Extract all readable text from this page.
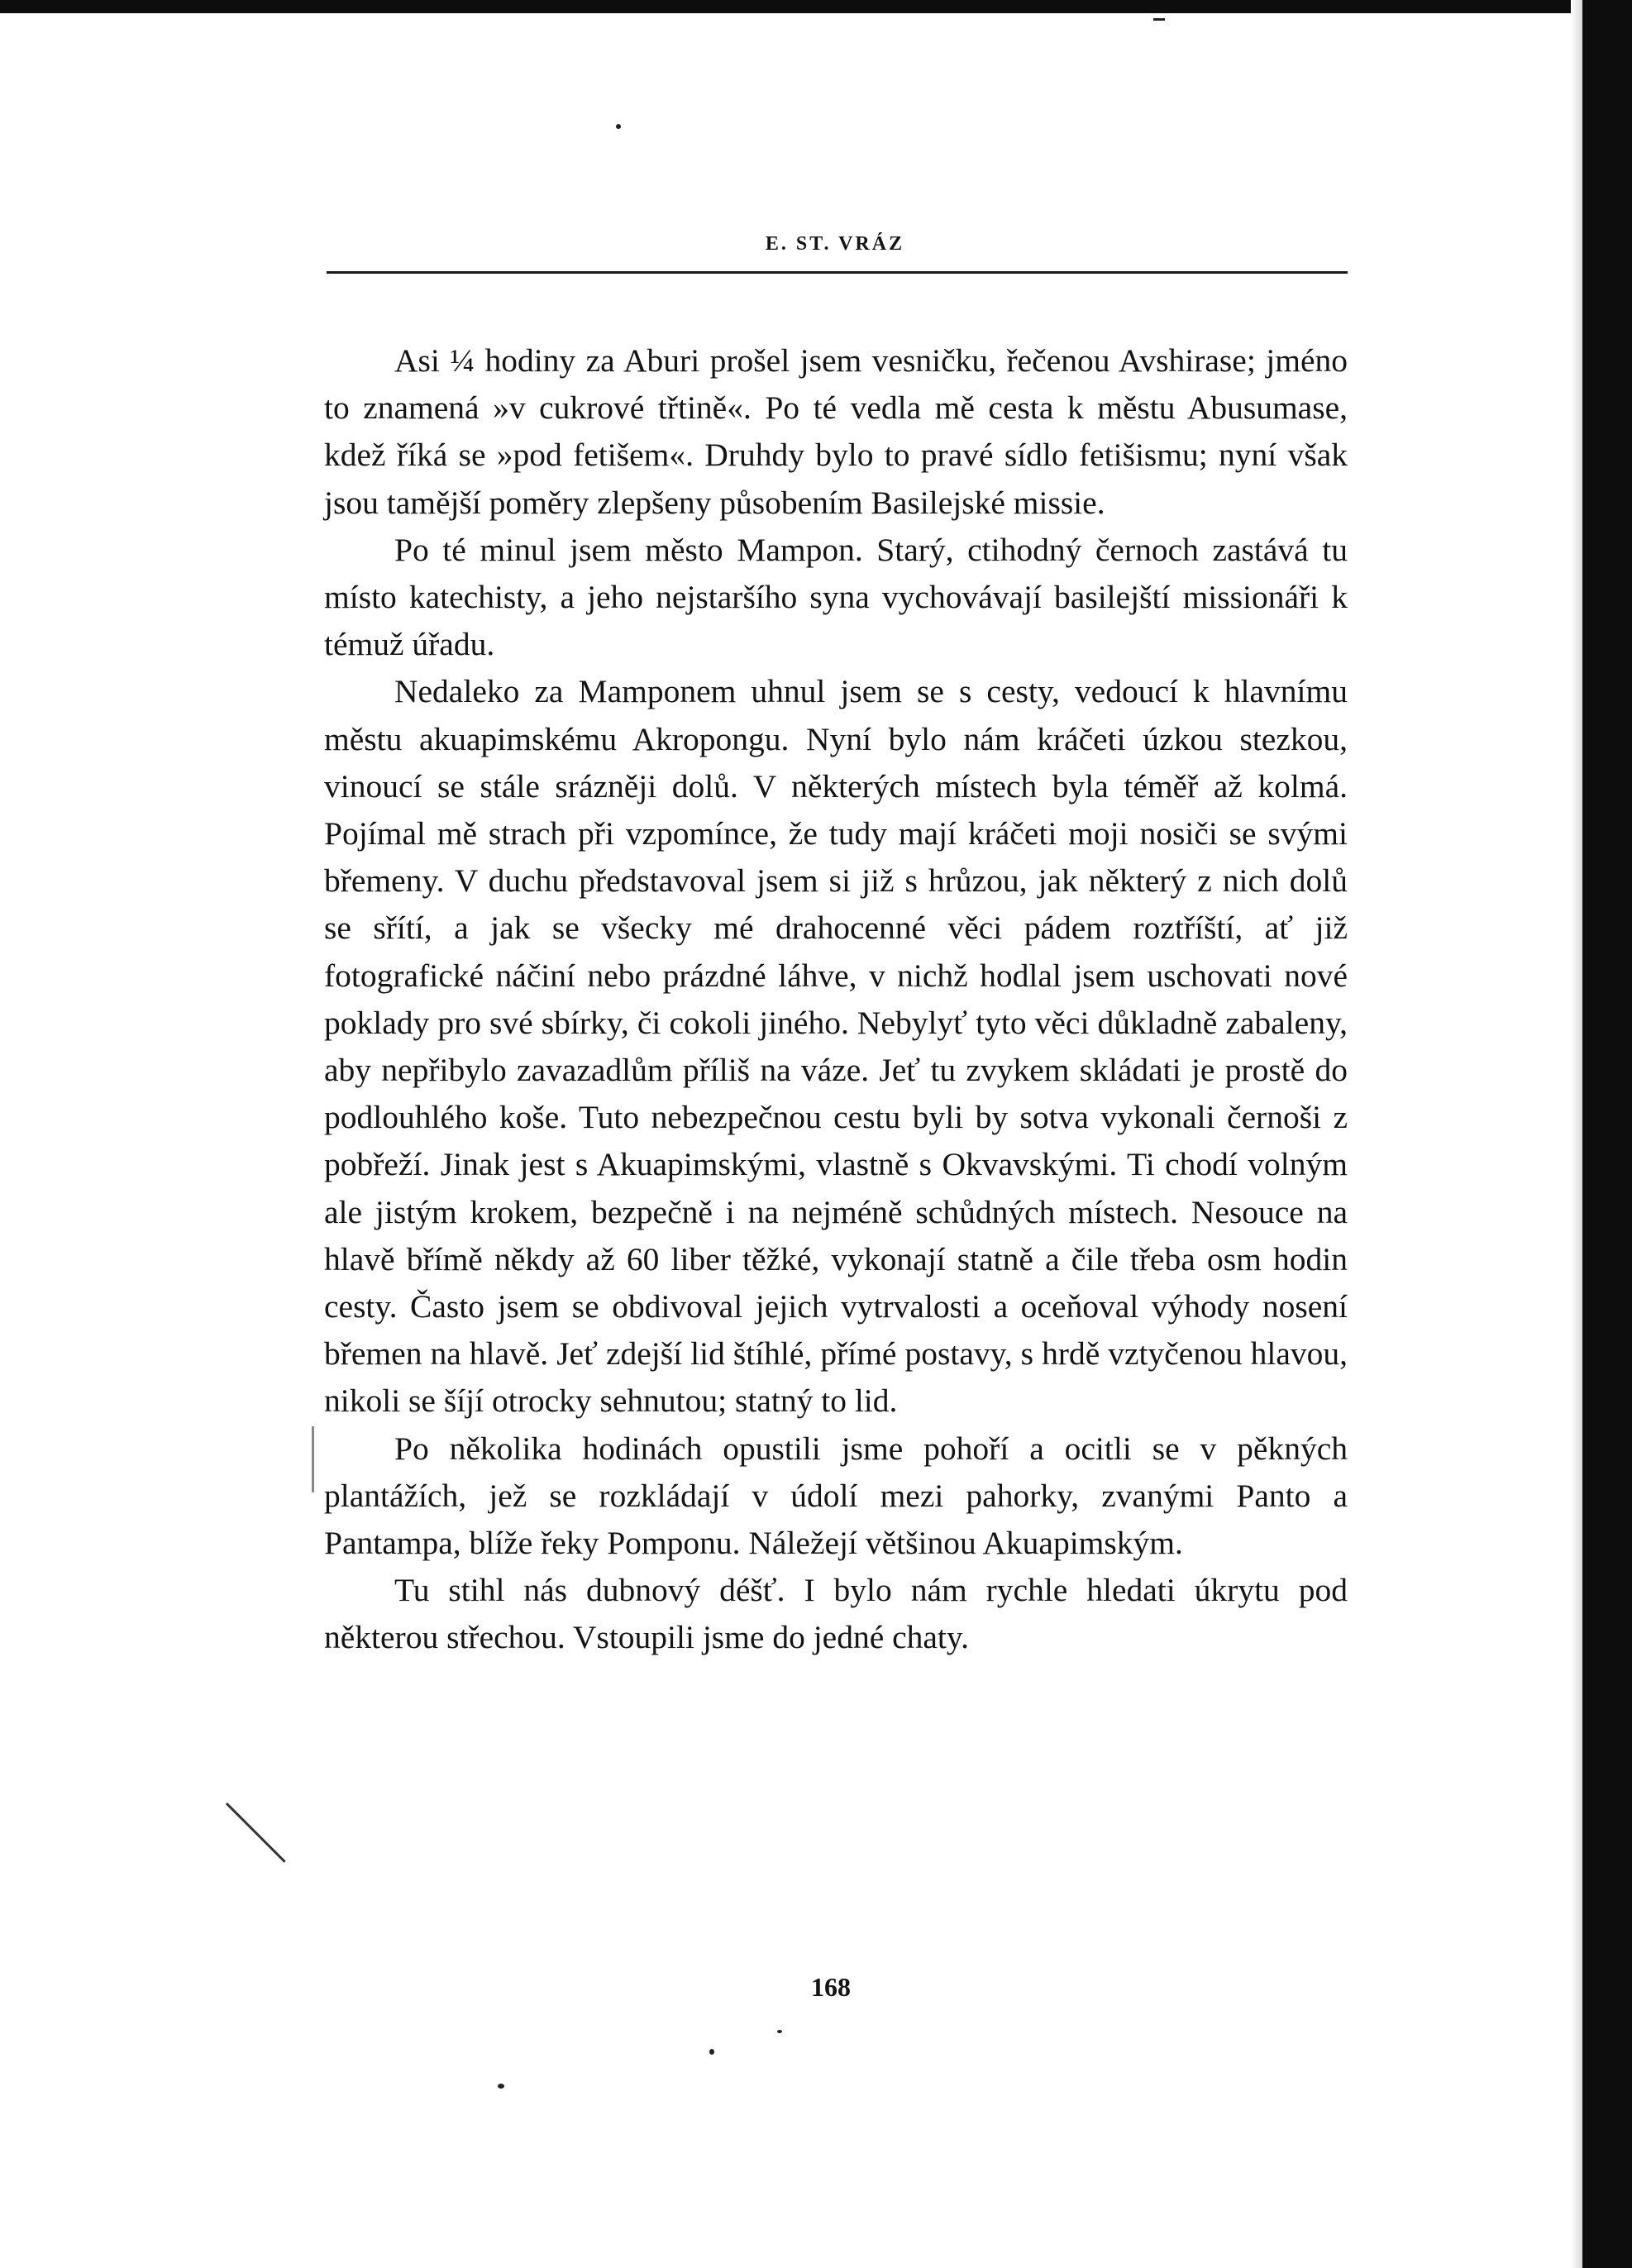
E. ST. VRÁZ

Asi ¼ hodiny za Aburi prošel jsem vesničku, řečenou Avshirase; jméno to znamená »v cukrové třtině«. Po té vedla mě cesta k městu Abusumase, kdež říká se »pod fetišem«. Druhdy bylo to pravé sídlo fetišismu; nyní však jsou tamější poměry zlepšeny působením Basilejské missie.

Po té minul jsem město Mampon. Starý, ctihodný černoch zastává tu místo katechisty, a jeho nejstaršího syna vychovávají basilejští missionáři k témuž úřadu.

Nedaleko za Mamponem uhnul jsem se s cesty, vedoucí k hlavnímu městu akuapimskému Akropongu. Nyní bylo nám kráčeti úzkou stezkou, vinoucí se stále srázněji dolů. V některých místech byla téměř až kolmá. Pojímal mě strach při vzpomínce, že tudy mají kráčeti moji nosiči se svými břemeny. V duchu představoval jsem si již s hrůzou, jak některý z nich dolů se sřítí, a jak se všecky mé drahocenné věci pádem roztříští, ať již fotografické náčiní nebo prázdné láhve, v nichž hodlal jsem uschovati nové poklady pro své sbírky, či cokoli jiného. Nebylyť tyto věci důkladně zabaleny, aby nepřibylo zavazadlům příliš na váze. Jeť tu zvykem skládati je prostě do podlouhlého koše. Tuto nebezpečnou cestu byli by sotva vykonali černoši z pobřeží. Jinak jest s Akuapimskými, vlastně s Okvavskými. Ti chodí volným ale jistým krokem, bezpečně i na nejméně schůdných místech. Nesouce na hlavě břímě někdy až 60 liber těžké, vykonají statně a čile třeba osm hodin cesty. Často jsem se obdivoval jejich vytrvalosti a oceňoval výhody nosení břemen na hlavě. Jeť zdejší lid štíhlé, přímé postavy, s hrdě vztyčenou hlavou, nikoli se šíjí otrocky sehnutou; statný to lid.

Po několika hodinách opustili jsme pohoří a ocitli se v pěkných plantážích, jež se rozkládají v údolí mezi pahorky, zvanými Panto a Pantampa, blíže řeky Pomponu. Náležejí většinou Akuapimským.

Tu stihl nás dubnový déšť. I bylo nám rychle hledati úkrytu pod některou střechou. Vstoupili jsme do jedné chaty.

168
